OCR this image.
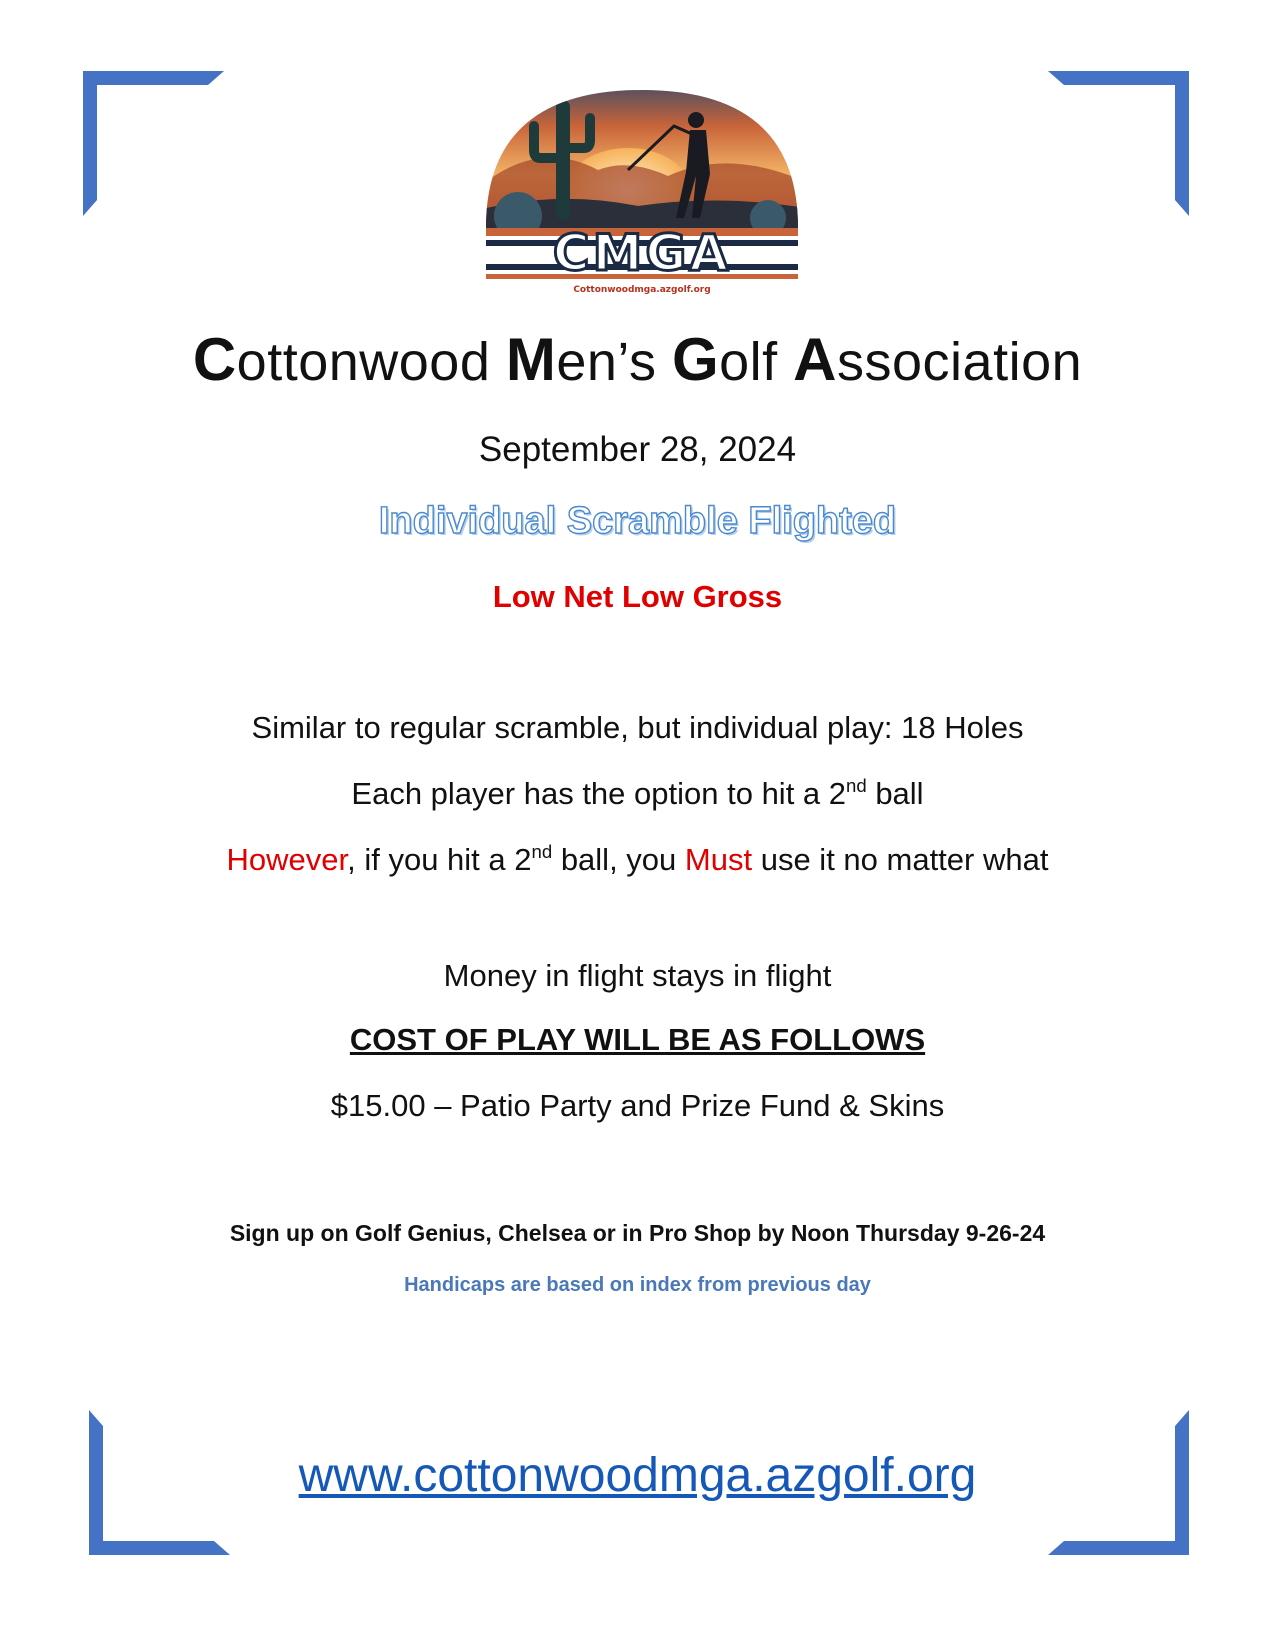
CMGA
Cottonwoodmga.azgolf.org
Cottonwood Men’s Golf Association
September 28, 2024
Individual Scramble Flighted
Low Net Low Gross
Similar to regular scramble, but individual play: 18 Holes
Each player has the option to hit a 2nd ball
However, if you hit a 2nd ball, you Must use it no matter what
Money in flight stays in flight
COST OF PLAY WILL BE AS FOLLOWS
$15.00 – Patio Party and Prize Fund & Skins
Sign up on Golf Genius, Chelsea or in Pro Shop by Noon Thursday 9-26-24
Handicaps are based on index from previous day
www.cottonwoodmga.azgolf.org
